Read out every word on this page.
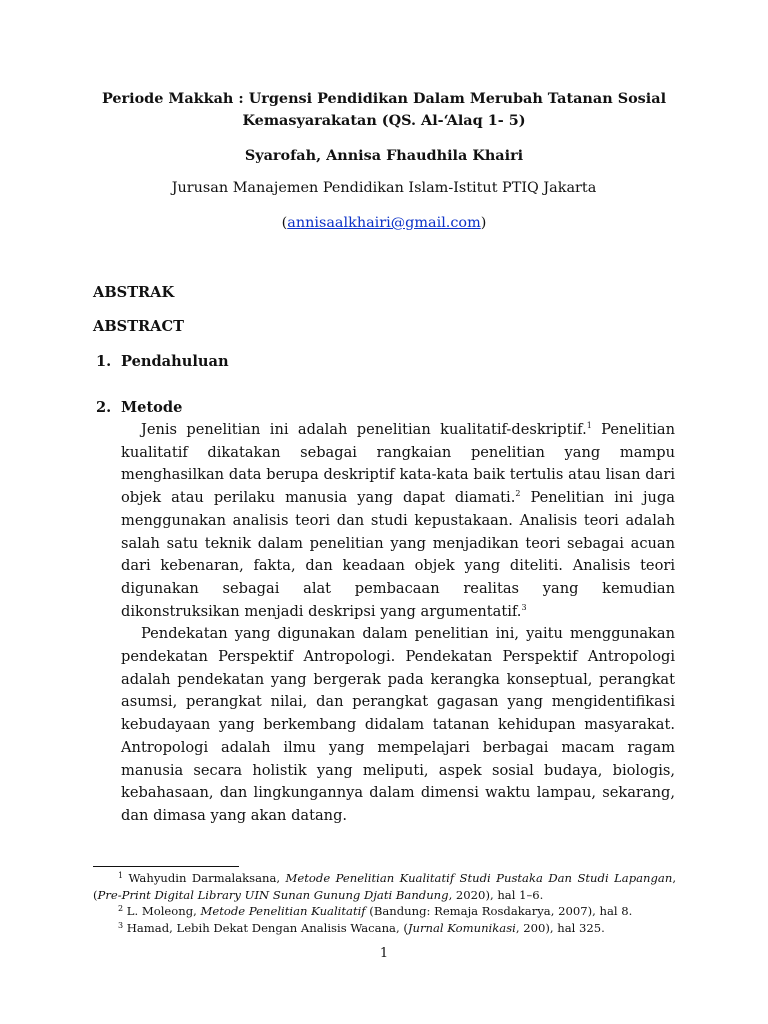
Periode Makkah : Urgensi Pendidikan Dalam Merubah Tatanan Sosial
Kemasyarakatan (QS. Al-‘Alaq 1- 5)
Syarofah, Annisa Fhaudhila Khairi
Jurusan Manajemen Pendidikan Islam-Istitut PTIQ Jakarta
(annisaalkhairi@gmail.com)
ABSTRAK
ABSTRACT
1. Pendahuluan
2. Metode

Jenis penelitian ini adalah penelitian kualitatif-deskriptif.$^1$ Penelitian kualitatif dikatakan sebagai rangkaian penelitian yang mampu menghasilkan data berupa deskriptif kata-kata baik tertulis atau lisan dari objek atau perilaku manusia yang dapat diamati.$^2$ Penelitian ini juga menggunakan analisis teori dan studi kepustakaan. Analisis teori adalah salah satu teknik dalam penelitian yang menjadikan teori sebagai acuan dari kebenaran, fakta, dan keadaan objek yang diteliti. Analisis teori digunakan sebagai alat pembacaan realitas yang kemudian dikonstruksikan menjadi deskripsi yang argumentatif.$^3$

Pendekatan yang digunakan dalam penelitian ini, yaitu menggunakan pendekatan Perspektif Antropologi. Pendekatan Perspektif Antropologi adalah pendekatan yang bergerak pada kerangka konseptual, perangkat asumsi, perangkat nilai, dan perangkat gagasan yang mengidentifikasi kebudayaan yang berkembang didalam tatanan kehidupan masyarakat. Antropologi adalah ilmu yang mempelajari berbagai macam ragam manusia secara holistik yang meliputi, aspek sosial budaya, biologis, kebahasaan, dan lingkungannya dalam dimensi waktu lampau, sekarang, dan dimasa yang akan datang.

$^1$ Wahyudin Darmalaksana, Metode Penelitian Kualitatif Studi Pustaka Dan Studi Lapangan, (Pre-Print Digital Library UIN Sunan Gunung Djati Bandung, 2020), hal 1–6.

$^2$ L. Moleong, Metode Penelitian Kualitatif (Bandung: Remaja Rosdakarya, 2007), hal 8.

$^3$ Hamad, Lebih Dekat Dengan Analisis Wacana, (Jurnal Komunikasi, 200), hal 325.

1
